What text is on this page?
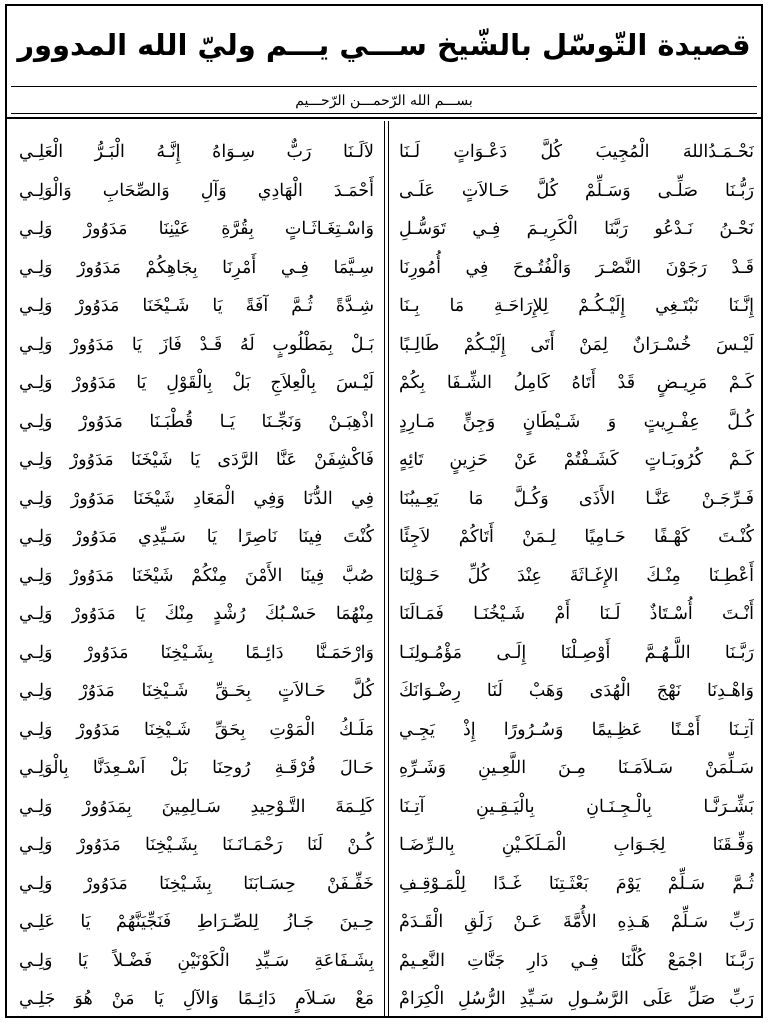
قصيدة التّوسّل بالشّيخ ســـي يـــم وليّ الله المدوور
بســـم الله الرّحمـــن الرّحـــيم
نَحْـمَـدُاللهَ الْمُجِيبَ كُلَّ دَعْـوَاتٍ لَـنَا
رَبُّـنَا صَلِّـى وَسَـلِّمْ كُلَّ حَـالاَتٍ عَلَـى
نَحْـنُ نَـدْعُو رَبَّنَا الْكَرِيـمَ فِـي تَوَسُّـلِ
قَـدْ رَجَوْنَ النَّصْـرَ وَالْفُتُـوحَ فِي أُمُورِنَا
إِنَّـنَا نَبْتَـغِي إِلَيْـكُـمْ لِلإِرَاحَـةِ مَا بِـنَا
لَيْـسَ خُسْـرَانٌ لِمَنْ أَتَى إِلَيْـكُمْ طَالِـبًا
كَـمْ مَرِيـضٍ قَدْ أَتَاهُ كَامِلُ الشِّـفَا بِكُمْ
كُـلَّ عِفْـرِيتٍ وَ شَـيْطَانٍ وَجِنٍّ مَـارِدٍ
كَـمْ كُرُوبَـاتٍ كَشَـفْتُمْ عَنْ حَزِينٍ تَائِهٍ
فَـرِّجَـنْ عَنَّـا الأَذَى وَكُـلَّ مَا يَعِـيبُنَا
كُنْـتَ كَهْـفًا حَـامِيًا لِـمَنْ أَتَاكُمْ لاَجِئًا
أَعْطِـنَا مِنْـكَ الإِغَـاثَةَ عِنْدَ كُلِّ حَـوْلِنَا
أَنْـتَ أُسْـتَاذٌ لَـنَا أَمْ شَـيْخُنَـا فَمَـالَنَا
رَبَّـنَا اللَّـهُـمَّ أَوْصِـلْنَا إِلَـى مَؤْمُـولِنَـا
وَاهْـدِنَا نَهْجَ الْهُدَى وَهَبْ لَنَا رِضْـوَانَكَ
آتِـنَا أَمْـنًا عَظِـيمًا وَسُـرُورًا إِذْ يَجِـي
سَـلِّمَنْ سَـلاَمَـنَا مِـنَ اللَّعِـينِ وَشَـرِّهِ
بَشِّـرَنَّـا بِالْـجِـنَـانِ بِالْيَـقِـينِ آتِـنَا
وَفِّـقَنَا لِجَـوَابِ الْمَـلَكَـيْنِ بِالـرِّضَـا
ثُـمَّ سَـلِّمْ يَوْمَ بَعْثَـتِنَا غَـدًا لِلْمَـوْقِـفِ
رَبِّ سَـلِّمْ هَـذِهِ الأُمَّةَ عَـنْ زَلَقِ الْقَـدَمْ
رَبَّـنَا اجْمَعْ كُلَّنَا فِـي دَارِ جَنَّاتِ النَّعِـيمْ
رَبِّ صَلِّ عَلَى الرَّسُـولِ سَـيِّدِ الرُّسُلِ الْكِرَامْ
لاَلَـنَا رَبٌّ سِـوَاهُ إِنَّـهُ الْبَـرُّ الْعَلِـي
أَحْمَـدَ الْهَادِي وَآلِ وَالصِّحَابِ وَالْوَلِـي
وَاسْـتِغَـاثَـاتٍ بِقُرَّةِ عَيْنِنَا مَدَوُورْ وَلِـي
سِـيَّمَا فِـي أَمْرِنَا بِجَاهِكُمْ مَدَوُورْ وَلِـي
شِـدَّةً ثُـمَّ آفَةً يَا شَـيْخَنَا مَدَوُورْ وَلِـي
بَـلْ بِمَطْلُوبٍ لَهُ قَـدْ فَازَ يَا مَدَوُورْ وَلِـي
لَيْـسَ بِالْعِلاَجِ بَلْ بِالْقَوْلِ يَا مَدَوُورْ وَلِـي
اذْهِبَـنْ وَنَجِّـنَا يَـا قُطْبَـنَا مَدَوُورْ وَلِـي
فَاكْشِفَنْ عَنَّا الرَّدَى يَا شَيْخَنَا مَدَوُورْ وَلِـي
فِي الدُّنَا وَفِي الْمَعَادِ شَيْخَنَا مَدَوُورْ وَلِـي
كُنْتَ فِينَا نَاصِرًا يَا سَـيِّدِي مَدَوُورْ وَلِـي
صُبَّ فِينَا الأَمْنَ مِنْكُمْ شَيْخَنَا مَدَوُورْ وَلِـي
مِنْهُمَا حَسْـبُكَ رُشْدٍ مِنْكَ يَا مَدَوُورْ وَلِـي
وَارْحَمَـنَّا دَائِـمًا بِشَـيْخِنَا مَدَوُورْ وَلِـي
كُلَّ حَـالاَتٍ بِحَـقِّ شَـيْخِنَا مَدَوُرْ وَلِـي
مَلَـكُ الْمَوْتِ بِحَقِّ شَـيْخِنَا مَدَوُورْ وَلِـي
حَـالَ فُرْقَـةِ رُوحِنَا بَلْ اَسْـعِدَنَّا بِالْوَلِـي
كَلِـمَةَ التَّـوْحِيدِ سَـالِمِينَ بِمَدَوُورْ وَلِـي
كُـنْ لَنَا رَحْمَـانَـنَا بِشَـيْخِنَا مَدَوُورْ وَلِـي
خَفِّـفَنْ حِسَـابَنَا بِشَـيْخِنَا مَدَوُورْ وَلِـي
حِـينَ جَـازُ لِلصِّـرَاطِ فَنَجِّيَنَّهُمْ يَا عَلِـي
بِشَـفَاعَةِ سَـيِّدِ الْكَوْنَيْنِ فَضْـلاً يَا وَلِـي
مَعْ سَـلاَمٍ دَائِـمًا وَالآلِ يَا مَنْ هُوَ جَلِـي
